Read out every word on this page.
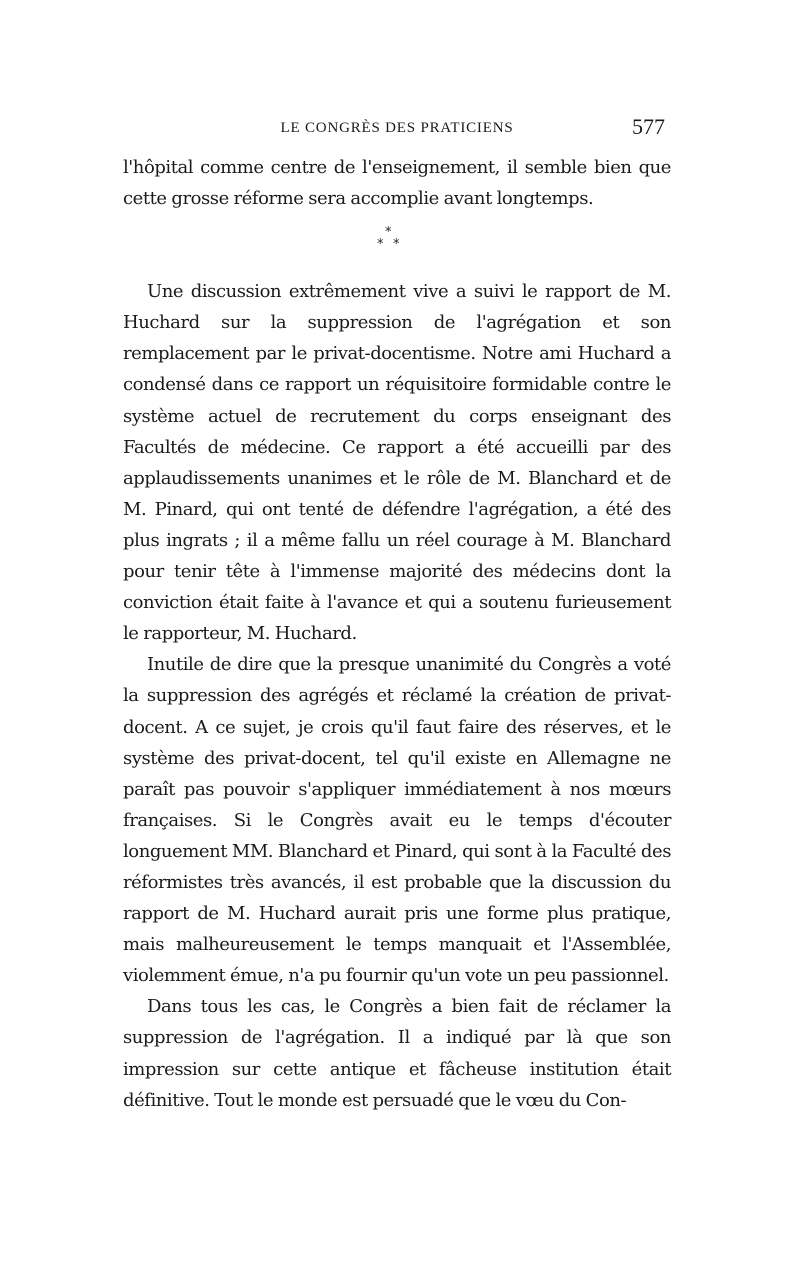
LE CONGRÈS DES PRATICIENS	577

l'hôpital comme centre de l'enseignement, il semble bien que cette grosse réforme sera accomplie avant longtemps.

*
* *

Une discussion extrêmement vive a suivi le rapport de M. Huchard sur la suppression de l'agrégation et son remplacement par le privat-docentisme. Notre ami Huchard a condensé dans ce rapport un réquisitoire formidable contre le système actuel de recrutement du corps enseignant des Facultés de médecine. Ce rapport a été accueilli par des applaudissements unanimes et le rôle de M. Blanchard et de M. Pinard, qui ont tenté de défendre l'agrégation, a été des plus ingrats ; il a même fallu un réel courage à M. Blanchard pour tenir tête à l'immense majorité des médecins dont la conviction était faite à l'avance et qui a soutenu furieusement le rapporteur, M. Huchard.

Inutile de dire que la presque unanimité du Congrès a voté la suppression des agrégés et réclamé la création de privat-docent. A ce sujet, je crois qu'il faut faire des réserves, et le système des privat-docent, tel qu'il existe en Allemagne ne paraît pas pouvoir s'appliquer immédiatement à nos mœurs françaises. Si le Congrès avait eu le temps d'écouter longuement MM. Blanchard et Pinard, qui sont à la Faculté des réformistes très avancés, il est probable que la discussion du rapport de M. Huchard aurait pris une forme plus pratique, mais malheureusement le temps manquait et l'Assemblée, violemment émue, n'a pu fournir qu'un vote un peu passionnel.

Dans tous les cas, le Congrès a bien fait de réclamer la suppression de l'agrégation. Il a indiqué par là que son impression sur cette antique et fâcheuse institution était définitive. Tout le monde est persuadé que le vœu du Con-
